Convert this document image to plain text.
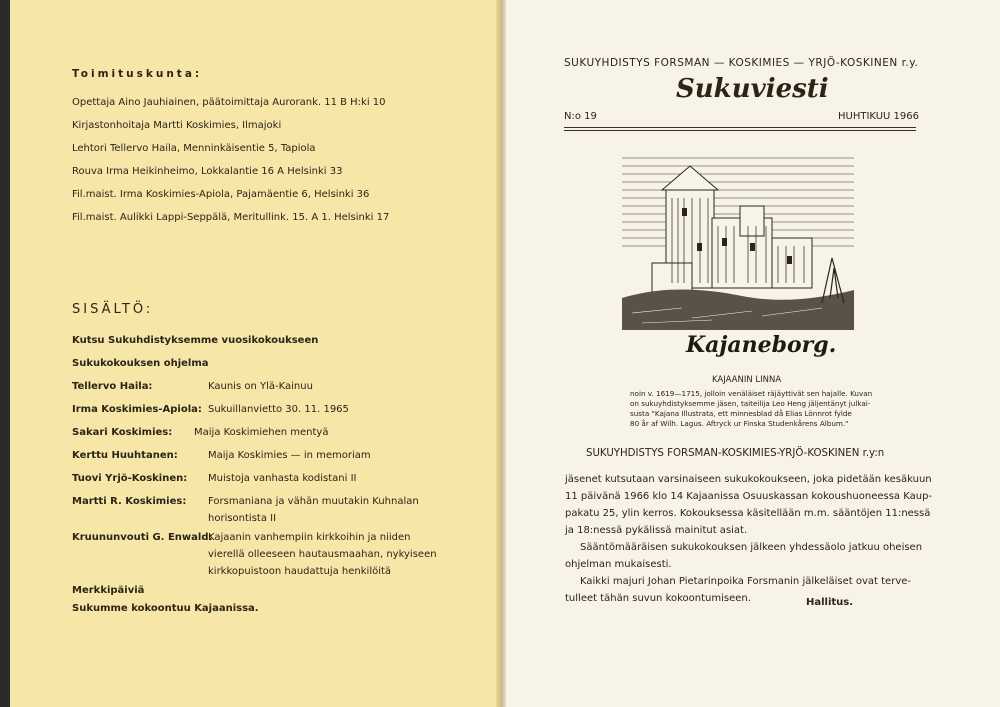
Toimituskunta:
Opettaja Aino Jauhiainen, päätoimittaja Aurorank. 11 B H:ki 10
Kirjastonhoitaja Martti Koskimies, Ilmajoki
Lehtori Tellervo Haila, Menninkäisentie 5, Tapiola
Rouva Irma Heikinheimo, Lokkalantie 16 A Helsinki 33
Fil.maist. Irma Koskimies-Apiola, Pajamäentie 6, Helsinki 36
Fil.maist. Aulikki Lappi-Seppälä, Meritullink. 15. A 1. Helsinki 17
SISÄLTÖ:
Kutsu Sukuhdistyksemme vuosikokoukseen
Sukukokouksen ohjelma
Tellervo Haila:	Kaunis on Ylä-Kainuu
Irma Koskimies-Apiola: Sukuillanvietto 30. 11. 1965
Sakari Koskimies: Maija Koskimiehen mentyä
Kerttu Huuhtanen:	Maija Koskimies — in memoriam
Tuovi Yrjö-Koskinen: Muistoja vanhasta kodistani II
Martti R. Koskimies: Forsmaniana ja vähän muutakin Kuhnalan
horisontista II
Kruununvouti G. Enwald:
Kajaanin vanhempiin kirkkoihin ja niiden
vierellä olleeseen hautausmaahan, nykyiseen
kirkkopuistoon haudattuja henkilöitä
Merkkipäiviä
Sukumme kokoontuu Kajaanissa.
SUKUYHDISTYS FORSMAN — KOSKIMIES — YRJÖ-KOSKINEN r.y.
Sukuviesti
N:o 19	HUHTIKUU 1966
Kajaneborg.
KAJAANIN LINNA
noin v. 1619—1715, jolloin venäläiset räjäyttivät sen hajalle. Kuvan
on sukuyhdistyksemme jäsen, taiteilija Leo Heng jäljentänyt julkai-
susta "Kajana Illustrata, ett minnesblad då Elias Lönnrot fylde
80 år af Wilh. Lagus. Aftryck ur Finska Studenkårens Album."
SUKUYHDISTYS FORSMAN-KOSKIMIES-YRJÖ-KOSKINEN r.y:n
jäsenet kutsutaan varsinaiseen sukukokoukseen, joka pidetään kesäkuun
11 päivänä 1966 klo 14 Kajaanissa Osuuskassan kokoushuoneessa Kaup-
pakatu 25, ylin kerros. Kokouksessa käsitellään m.m. sääntöjen 11:nessä
ja 18:nessä pykälissä mainitut asiat.
Sääntömääräisen sukukokouksen jälkeen yhdessäolo jatkuu oheisen
ohjelman mukaisesti.
Kaikki majuri Johan Pietarinpoika Forsmanin jälkeläiset ovat terve-
tulleet tähän suvun kokoontumiseen.	Hallitus.
